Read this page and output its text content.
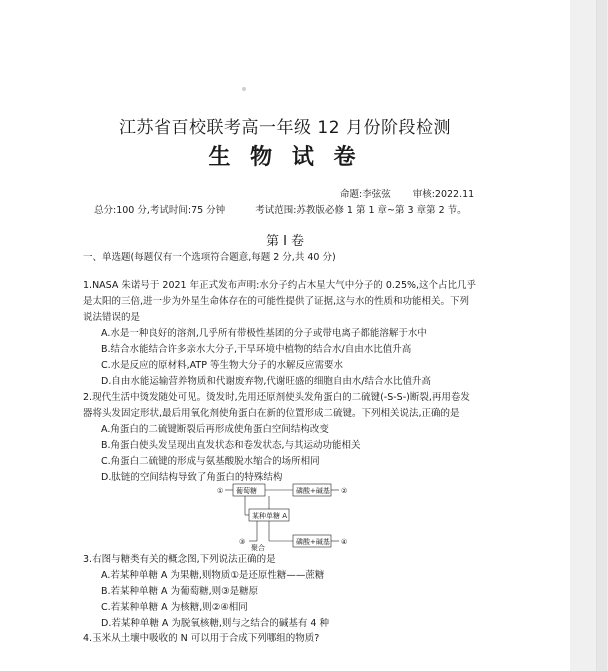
江苏省百校联考高一年级 12 月份阶段检测
生 物 试 卷
命题:李弦弦 审核:2022.11
总分:100 分,考试时间:75 分钟	考试范围:苏教版必修 1 第 1 章~第 3 章第 2 节。
第 I 卷
一、单选题(每题仅有一个选项符合题意,每题 2 分,共 40 分)
1.NASA 朱诺号于 2021 年正式发布声明:水分子约占木星大气中分子的 0.25%,这个占比几乎
是太阳的三倍,进一步为外星生命体存在的可能性提供了证据,这与水的性质和功能相关。下列
说法错误的是
A.水是一种良好的溶剂,几乎所有带极性基团的分子或带电离子都能溶解于水中
B.结合水能结合许多亲水大分子,干旱环境中植物的结合水/自由水比值升高
C.水是反应的原材料,ATP 等生物大分子的水解反应需要水
D.自由水能运输营养物质和代谢废弃物,代谢旺盛的细胞自由水/结合水比值升高
2.现代生活中烫发随处可见。烫发时,先用还原剂使头发角蛋白的二硫键(-S-S-)断裂,再用卷发
器将头发固定形状,最后用氧化剂使角蛋白在新的位置形成二硫键。下列相关说法,正确的是
A.角蛋白的二硫键断裂后再形成使角蛋白空间结构改变
B.角蛋白使头发呈现出直发状态和卷发状态,与其运动功能相关
C.角蛋白二硫键的形成与氨基酸脱水缩合的场所相同
D.肽链的空间结构导致了角蛋白的特殊结构
① 葡萄糖	磷酸+碱基 ②
某种单糖 A
③
聚合
磷酸+碱基 ④
3.右图与糖类有关的概念图,下列说法正确的是
A.若某种单糖 A 为果糖,则物质①是还原性糖——蔗糖
B.若某种单糖 A 为葡萄糖,则③是糖原
C.若某种单糖 A 为核糖,则②④相同
D.若某种单糖 A 为脱氧核糖,则与之结合的碱基有 4 种
4.玉米从土壤中吸收的 N 可以用于合成下列哪组的物质?
